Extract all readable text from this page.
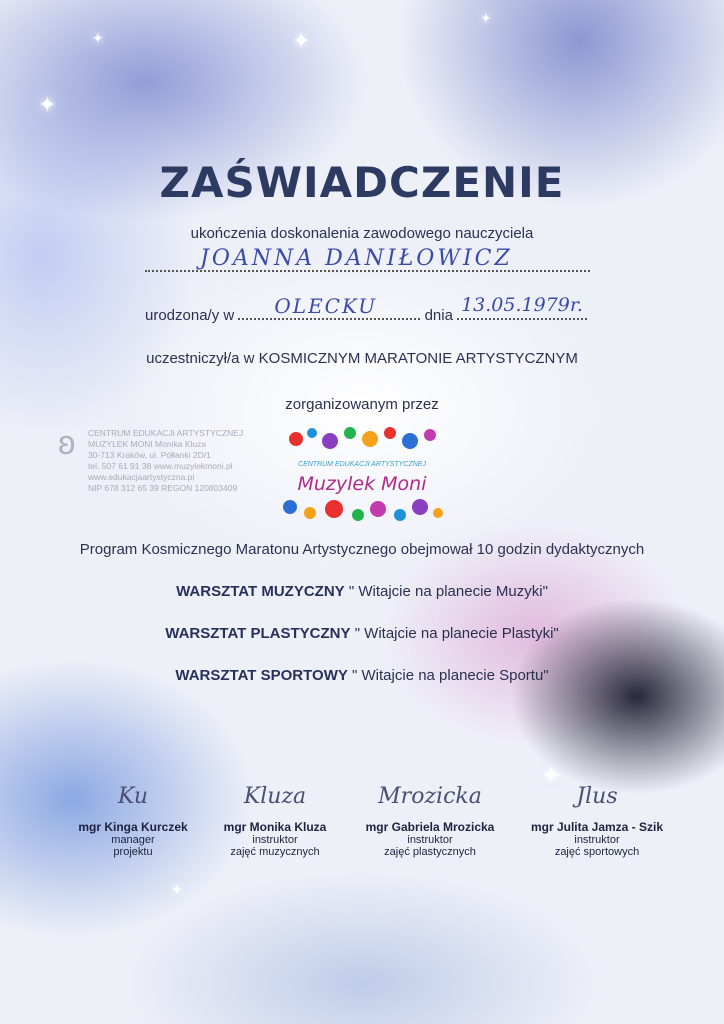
✦
✦
✦
✦
✦
✦
ZAŚWIADCZENIE
ukończenia doskonalenia zawodowego nauczyciela
JOANNA DANIŁOWICZ
urodzona/y w OLECKU	dnia 13.05.1979r.
uczestniczył/a w KOSMICZNYM MARATONIE ARTYSTYCZNYM
zorganizowanym przez
ʚ CENTRUM EDUKACJI ARTYSTYCZNEJ
MUZYLEK MONI Monika Kluza
30-713 Kraków, ul. Półłanki 2D/1
tel. 507 61 91 38 www.muzylekmoni.pl
www.edukacjaartystyczna.pl
NIP 678 312 65 39 REGON 120803409
CENTRUM EDUKACJI ARTYSTYCZNEJ
Muzylek Moni
Program Kosmicznego Maratonu Artystycznego obejmował 10 godzin dydaktycznych
WARSZTAT MUZYCZNY " Witajcie na planecie Muzyki"
WARSZTAT PLASTYCZNY " Witajcie na planecie Plastyki"
WARSZTAT SPORTOWY " Witajcie na planecie Sportu"
Ku
mgr Kinga Kurczek
manager
projektu
Kluza
mgr Monika Kluza
instruktor
zajęć muzycznych
Mrozicka
mgr Gabriela Mrozicka
instruktor
zajęć plastycznych
Jlus
mgr Julita Jamza - Szik
instruktor
zajęć sportowych
